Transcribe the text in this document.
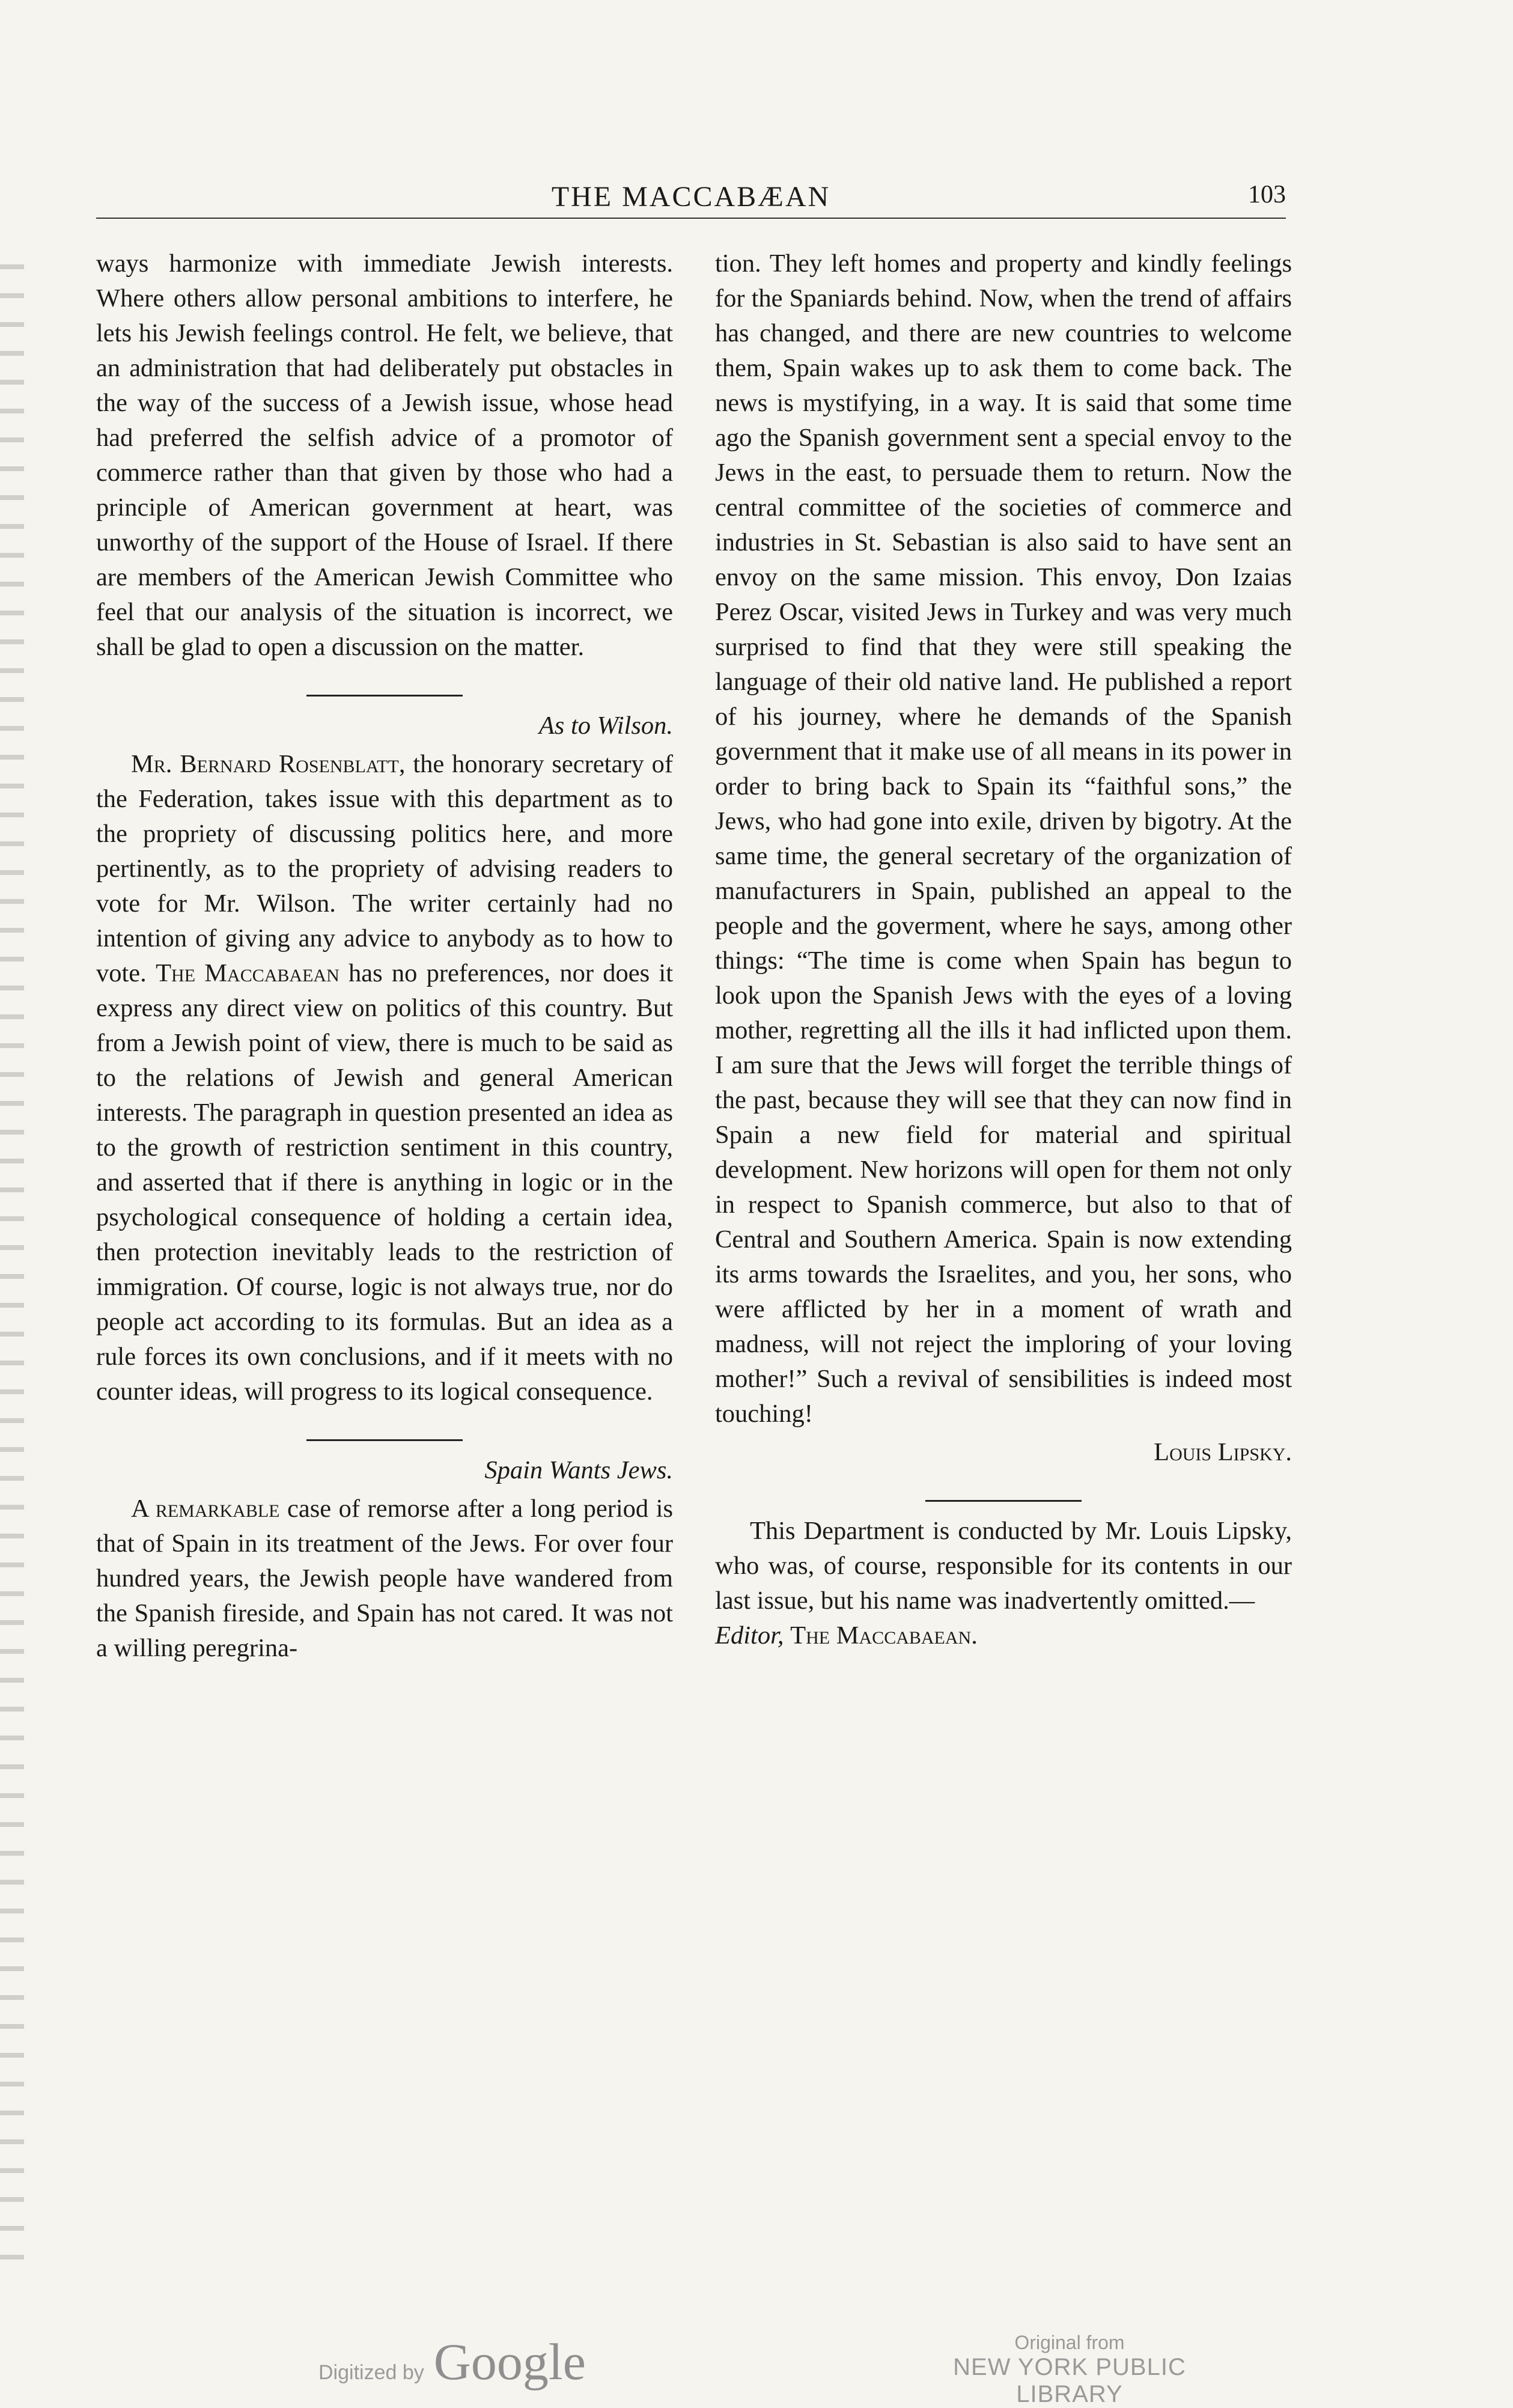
THE MACCABÆAN	103

ways harmonize with immediate Jewish interests. Where others allow personal ambitions to interfere, he lets his Jewish feelings control. He felt, we believe, that an administration that had deliberately put obstacles in the way of the success of a Jewish issue, whose head had preferred the selfish advice of a promotor of commerce rather than that given by those who had a principle of American government at heart, was unworthy of the support of the House of Israel. If there are members of the American Jewish Committee who feel that our analysis of the situation is incorrect, we shall be glad to open a discussion on the matter.

As to Wilson.

Mr. Bernard Rosenblatt, the honorary secretary of the Federation, takes issue with this department as to the propriety of discussing politics here, and more pertinently, as to the propriety of advising readers to vote for Mr. Wilson. The writer certainly had no intention of giving any advice to anybody as to how to vote. The Maccabaean has no preferences, nor does it express any direct view on politics of this country. But from a Jewish point of view, there is much to be said as to the relations of Jewish and general American interests. The paragraph in question presented an idea as to the growth of restriction sentiment in this country, and asserted that if there is anything in logic or in the psychological consequence of holding a certain idea, then protection inevitably leads to the restriction of immigration. Of course, logic is not always true, nor do people act according to its formulas. But an idea as a rule forces its own conclusions, and if it meets with no counter ideas, will progress to its logical consequence.

Spain Wants Jews.

A remarkable case of remorse after a long period is that of Spain in its treatment of the Jews. For over four hundred years, the Jewish people have wandered from the Spanish fireside, and Spain has not cared. It was not a willing peregrina-

tion. They left homes and property and kindly feelings for the Spaniards behind. Now, when the trend of affairs has changed, and there are new countries to welcome them, Spain wakes up to ask them to come back. The news is mystifying, in a way. It is said that some time ago the Spanish government sent a special envoy to the Jews in the east, to persuade them to return. Now the central committee of the societies of commerce and industries in St. Sebastian is also said to have sent an envoy on the same mission. This envoy, Don Izaias Perez Oscar, visited Jews in Turkey and was very much surprised to find that they were still speaking the language of their old native land. He published a report of his journey, where he demands of the Spanish government that it make use of all means in its power in order to bring back to Spain its “faithful sons,” the Jews, who had gone into exile, driven by bigotry. At the same time, the general secretary of the organization of manufacturers in Spain, published an appeal to the people and the goverment, where he says, among other things: “The time is come when Spain has begun to look upon the Spanish Jews with the eyes of a loving mother, regretting all the ills it had inflicted upon them. I am sure that the Jews will forget the terrible things of the past, because they will see that they can now find in Spain a new field for material and spiritual development. New horizons will open for them not only in respect to Spanish commerce, but also to that of Central and Southern America. Spain is now extending its arms towards the Israelites, and you, her sons, who were afflicted by her in a moment of wrath and madness, will not reject the imploring of your loving mother!” Such a revival of sensibilities is indeed most touching!

Louis Lipsky.

This Department is conducted by Mr. Louis Lipsky, who was, of course, responsible for its contents in our last issue, but his name was inadvertently omitted.—
Editor, The Maccabaean.

Digitized by Google	Original from
NEW YORK PUBLIC LIBRARY
